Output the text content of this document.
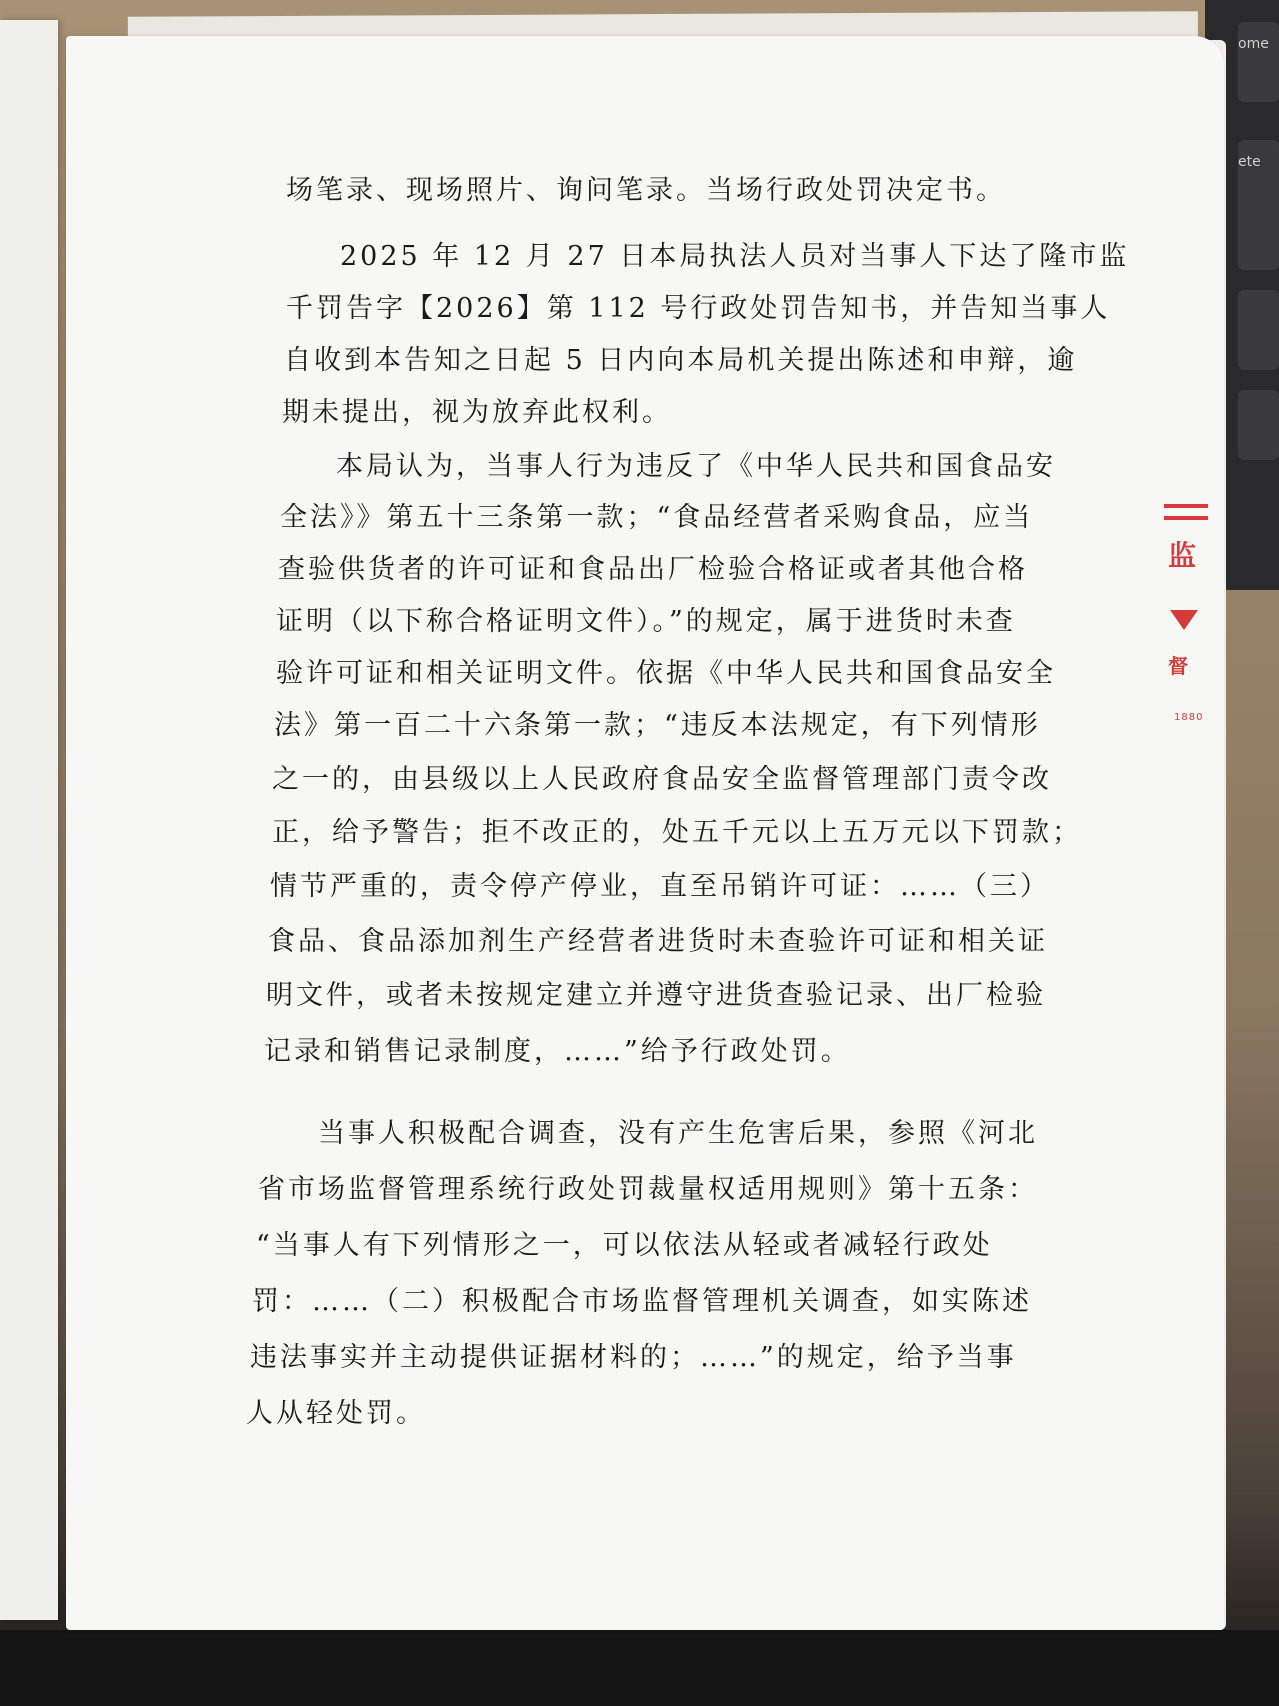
ome
ete
监
督
1880
场笔录、现场照片、询问笔录。当场行政处罚决定书。
2025 年 12 月 27 日本局执法人员对当事人下达了隆市监
千罚告字【2026】第 112 号行政处罚告知书，并告知当事人
自收到本告知之日起 5 日内向本局机关提出陈述和申辩，逾
期未提出，视为放弃此权利。
本局认为，当事人行为违反了《中华人民共和国食品安
全法》》第五十三条第一款；“食品经营者采购食品，应当
查验供货者的许可证和食品出厂检验合格证或者其他合格
证明（以下称合格证明文件）。”的规定，属于进货时未查
验许可证和相关证明文件。依据《中华人民共和国食品安全
法》第一百二十六条第一款；“违反本法规定，有下列情形
之一的，由县级以上人民政府食品安全监督管理部门责令改
正，给予警告；拒不改正的，处五千元以上五万元以下罚款；
情节严重的，责令停产停业，直至吊销许可证：……（三）
食品、食品添加剂生产经营者进货时未查验许可证和相关证
明文件，或者未按规定建立并遵守进货查验记录、出厂检验
记录和销售记录制度，……”给予行政处罚。
当事人积极配合调查，没有产生危害后果，参照《河北
省市场监督管理系统行政处罚裁量权适用规则》第十五条：
“当事人有下列情形之一，可以依法从轻或者减轻行政处
罚：……（二）积极配合市场监督管理机关调查，如实陈述
违法事实并主动提供证据材料的；……”的规定，给予当事
人从轻处罚。
